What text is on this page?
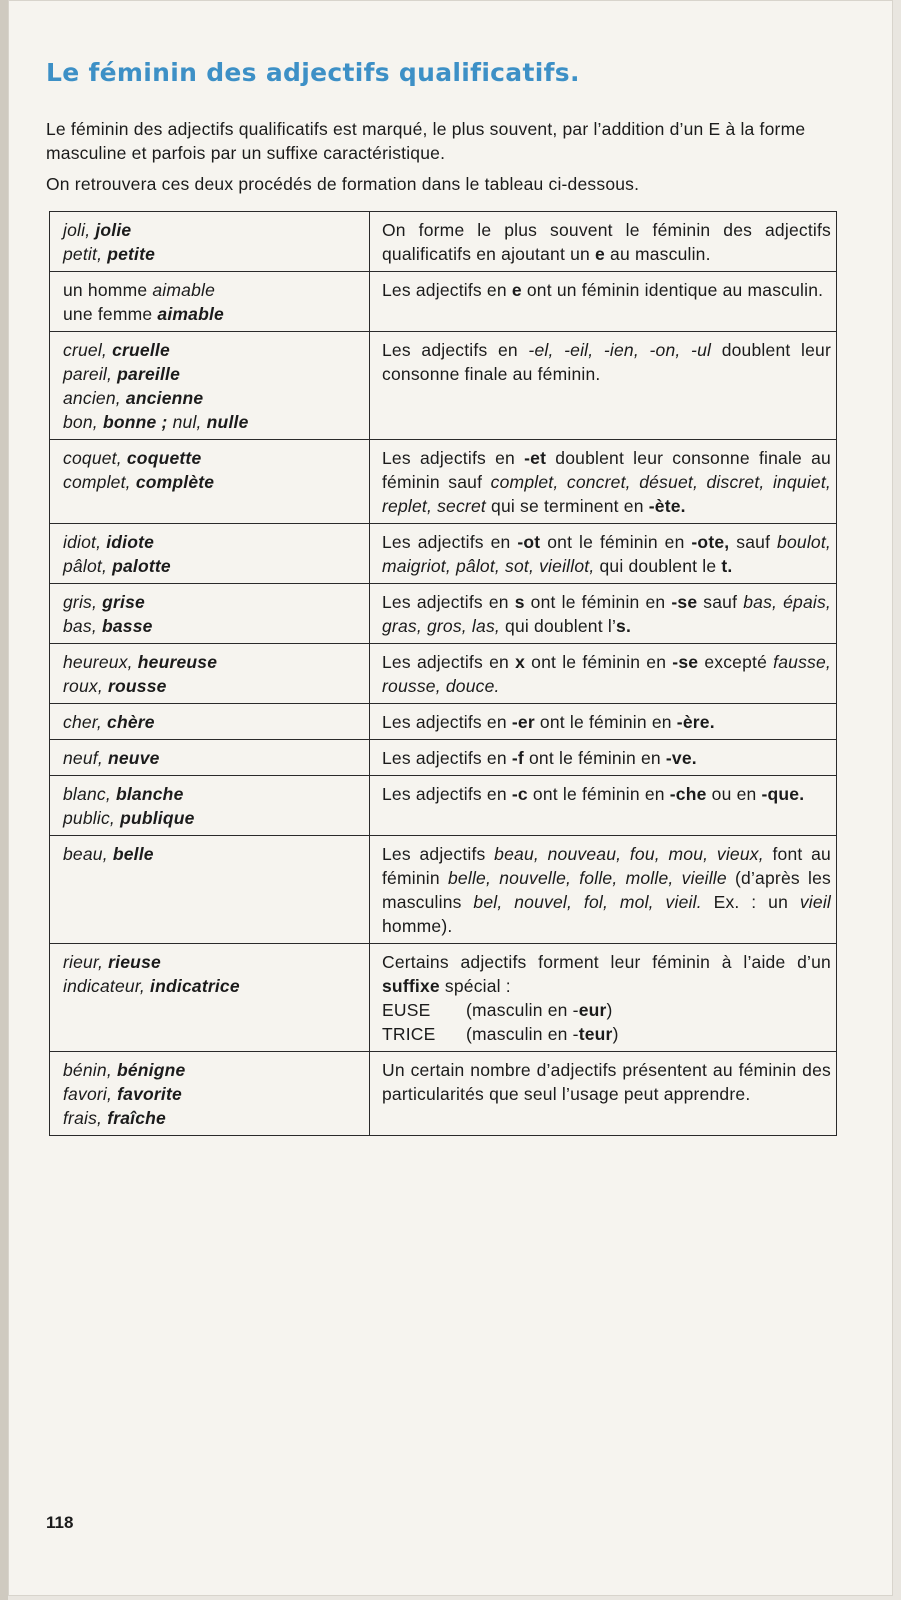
Le féminin des adjectifs qualificatifs.

Le féminin des adjectifs qualificatifs est marqué, le plus souvent, par l’addition d’un E à la forme masculine et parfois par un suffixe caractéristique.

On retrouvera ces deux procédés de formation dans le tableau ci-dessous.

joli, jolie
petit, petite	On forme le plus souvent le féminin des adjectifs qualificatifs en ajoutant un e au masculin.

un homme aimable
une femme aimable	Les adjectifs en e ont un féminin identique au masculin.

cruel, cruelle
pareil, pareille
ancien, ancienne
bon, bonne ; nul, nulle	Les adjectifs en -el, -eil, -ien, -on, -ul doublent leur consonne finale au féminin.

coquet, coquette
complet, complète	Les adjectifs en -et doublent leur consonne finale au féminin sauf complet, concret, désuet, discret, inquiet, replet, secret qui se terminent en -ète.

idiot, idiote
pâlot, palotte	Les adjectifs en -ot ont le féminin en -ote, sauf boulot, maigriot, pâlot, sot, vieillot, qui doublent le t.

gris, grise
bas, basse	Les adjectifs en s ont le féminin en -se sauf bas, épais, gras, gros, las, qui doublent l’s.

heureux, heureuse
roux, rousse	Les adjectifs en x ont le féminin en -se excepté fausse, rousse, douce.

cher, chère	Les adjectifs en -er ont le féminin en -ère.

neuf, neuve	Les adjectifs en -f ont le féminin en -ve.

blanc, blanche
public, publique	Les adjectifs en -c ont le féminin en -che ou en -que.

beau, belle	Les adjectifs beau, nouveau, fou, mou, vieux, font au féminin belle, nouvelle, folle, molle, vieille (d’après les masculins bel, nouvel, fol, mol, vieil. Ex. : un vieil homme).

rieur, rieuse
indicateur, indicatrice	Certains adjectifs forment leur féminin à l’aide d’un suffixe spécial :
EUSE (masculin en -eur)
TRICE (masculin en -teur)

bénin, bénigne
favori, favorite
frais, fraîche	Un certain nombre d’adjectifs présentent au féminin des particularités que seul l’usage peut apprendre.
118
